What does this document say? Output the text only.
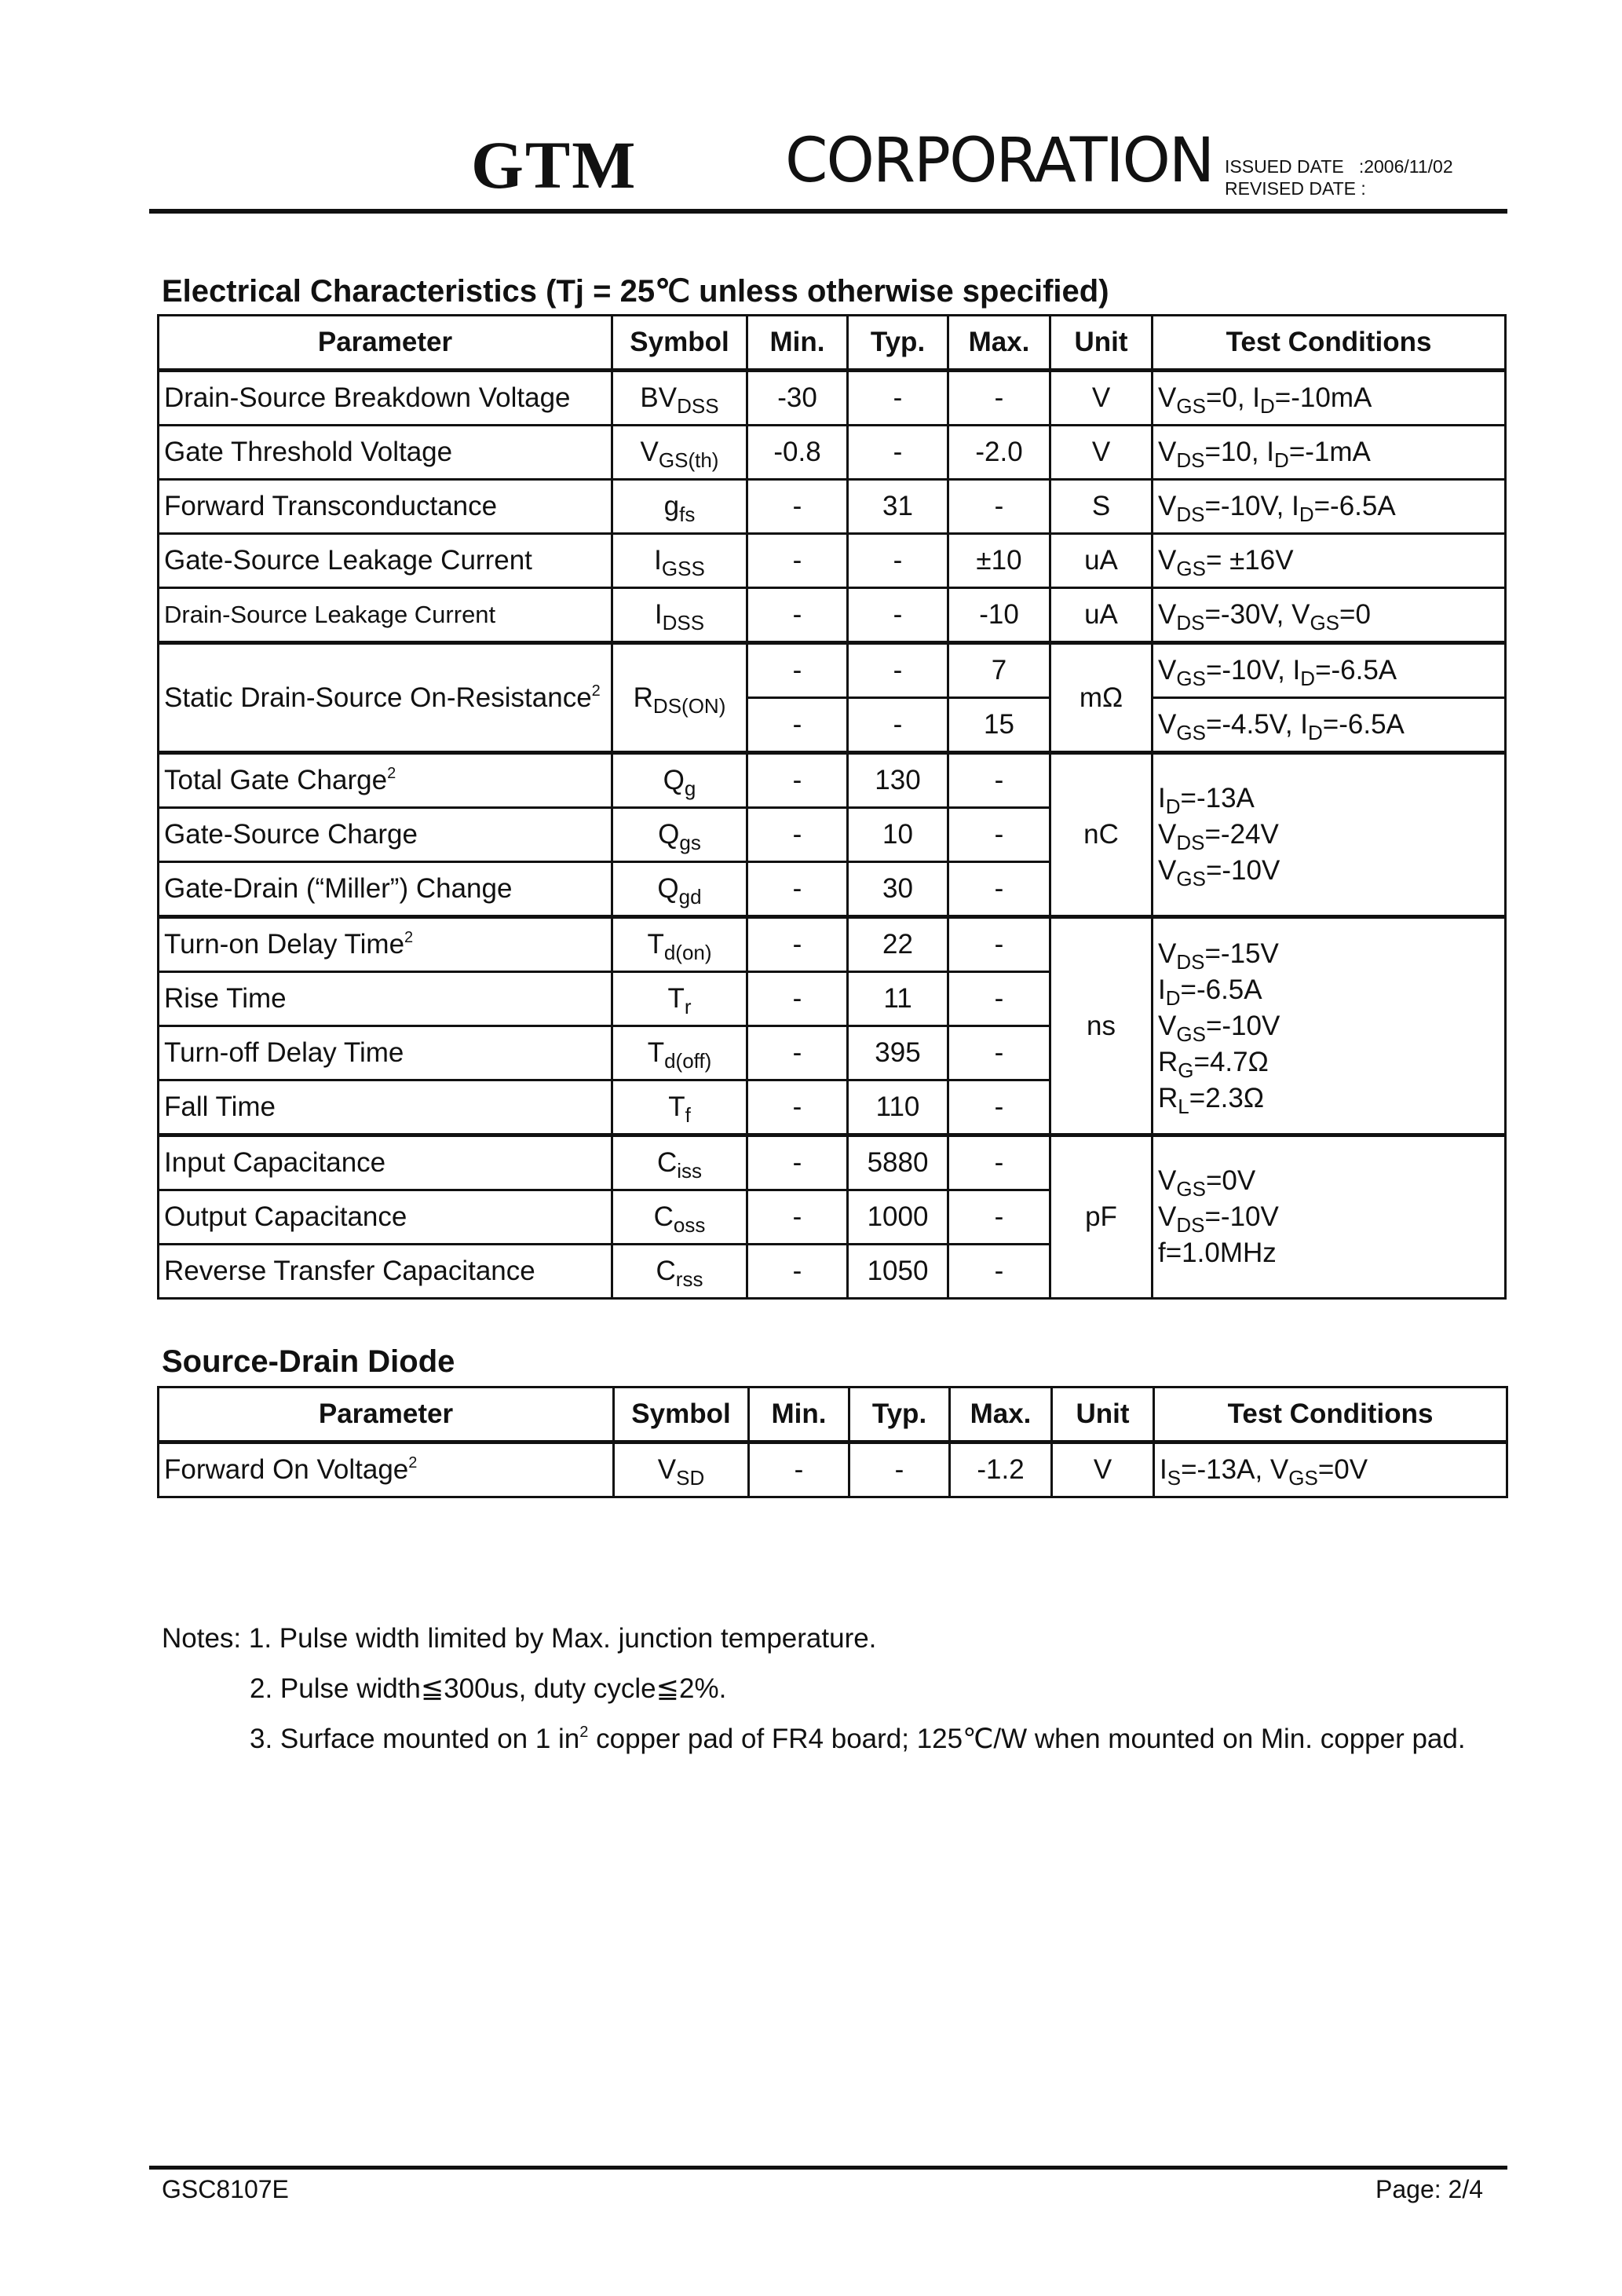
GTM CORPORATION ISSUED DATE :2006/11/02
REVISED DATE :
Electrical Characteristics (Tj = 25℃ unless otherwise specified)
Parameter	Symbol	Min.	Typ.	Max.	Unit	Test Conditions
Drain-Source Breakdown Voltage	$BV_{DSS}$	-30	-	-	V	$V_{GS}=0$, $I_D=-10mA$
Gate Threshold Voltage	$V_{GS(th)}$	-0.8	-	-2.0	V	$V_{DS}=10$, $I_D=-1mA$
Forward Transconductance	$g_{fs}$	-	31	-	S	$V_{DS}=-10V$, $I_D=-6.5A$
Gate-Source Leakage Current	$I_{GSS}$	-	-	±10	uA	$V_{GS}= \pm 16V$
Drain-Source Leakage Current	$I_{DSS}$	-	-	-10	uA	$V_{DS}=-30V$, $V_{GS}=0$
Static Drain-Source On-Resistance$^2$	$R_{DS(ON)}$	-	-	7	mΩ	$V_{GS}=-10V$, $I_D=-6.5A$
		-	-	15		$V_{GS}=-4.5V$, $I_D=-6.5A$
Total Gate Charge$^2$	$Q_g$	-	130	-	nC	$I_D=-13A$
$V_{DS}=-24V$
$V_{GS}=-10V$

Gate-Source Charge	$Q_{gs}$	-	10	-		
Gate-Drain (“Miller”) Change	$Q_{gd}$	-	30	-		
Turn-on Delay Time$^2$	$T_{d(on)}$	-	22	-	ns	$V_{DS}=-15V$
$I_D=-6.5A$
$V_{GS}=-10V$
$R_G=4.7\Omega$
$R_L=2.3\Omega$

Rise Time	$T_r$	-	11	-		
Turn-off Delay Time	$T_{d(off)}$	-	395	-		
Fall Time	$T_f$	-	110	-		
Input Capacitance	$C_{iss}$	-	5880	-	pF	$V_{GS}=0V$
$V_{DS}=-10V$
f=1.0MHz

Output Capacitance	$C_{oss}$	-	1000	-		
Reverse Transfer Capacitance	$C_{rss}$	-	1050	-		
Source-Drain Diode
Parameter	Symbol	Min.	Typ.	Max.	Unit	Test Conditions
Forward On Voltage$^2$	$V_{SD}$	-	-	-1.2	V	$I_S=-13A$, $V_{GS}=0V$
Notes: 1. Pulse width limited by Max. junction temperature.
2. Pulse width≦300us, duty cycle≦2%.
3. Surface mounted on 1 $in^2$ copper pad of FR4 board; 125℃/W when mounted on Min. copper pad.
GSC8107E	Page: 2/4
